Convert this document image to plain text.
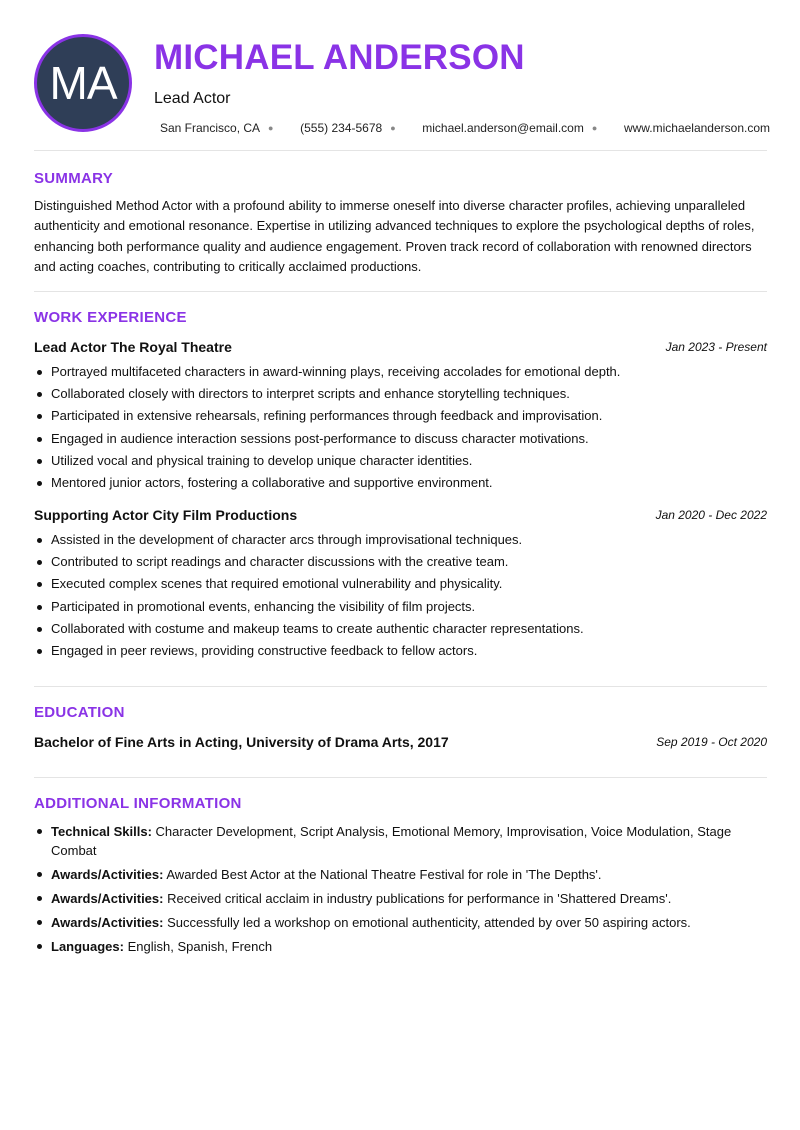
MA MICHAEL ANDERSON
Lead Actor
San Francisco, CA ● (555) 234-5678 ● michael.anderson@email.com ● www.michaelanderson.com
SUMMARY

Distinguished Method Actor with a profound ability to immerse oneself into diverse character profiles, achieving unparalleled authenticity and emotional resonance. Expertise in utilizing advanced techniques to explore the psychological depths of roles, enhancing both performance quality and audience engagement. Proven track record of collaboration with renowned directors and acting coaches, contributing to critically acclaimed productions.

WORK EXPERIENCE
Lead Actor The Royal Theatre	Jan 2023 - Present
Portrayed multifaceted characters in award-winning plays, receiving accolades for emotional depth.
Collaborated closely with directors to interpret scripts and enhance storytelling techniques.
Participated in extensive rehearsals, refining performances through feedback and improvisation.
Engaged in audience interaction sessions post-performance to discuss character motivations.
Utilized vocal and physical training to develop unique character identities.
Mentored junior actors, fostering a collaborative and supportive environment.
Supporting Actor City Film Productions	Jan 2020 - Dec 2022
Assisted in the development of character arcs through improvisational techniques.
Contributed to script readings and character discussions with the creative team.
Executed complex scenes that required emotional vulnerability and physicality.
Participated in promotional events, enhancing the visibility of film projects.
Collaborated with costume and makeup teams to create authentic character representations.
Engaged in peer reviews, providing constructive feedback to fellow actors.
EDUCATION
Bachelor of Fine Arts in Acting, University of Drama Arts, 2017	Sep 2019 - Oct 2020
ADDITIONAL INFORMATION
Technical Skills: Character Development, Script Analysis, Emotional Memory, Improvisation, Voice Modulation, Stage Combat
Awards/Activities: Awarded Best Actor at the National Theatre Festival for role in 'The Depths'.
Awards/Activities: Received critical acclaim in industry publications for performance in 'Shattered Dreams'.
Awards/Activities: Successfully led a workshop on emotional authenticity, attended by over 50 aspiring actors.
Languages: English, Spanish, French
